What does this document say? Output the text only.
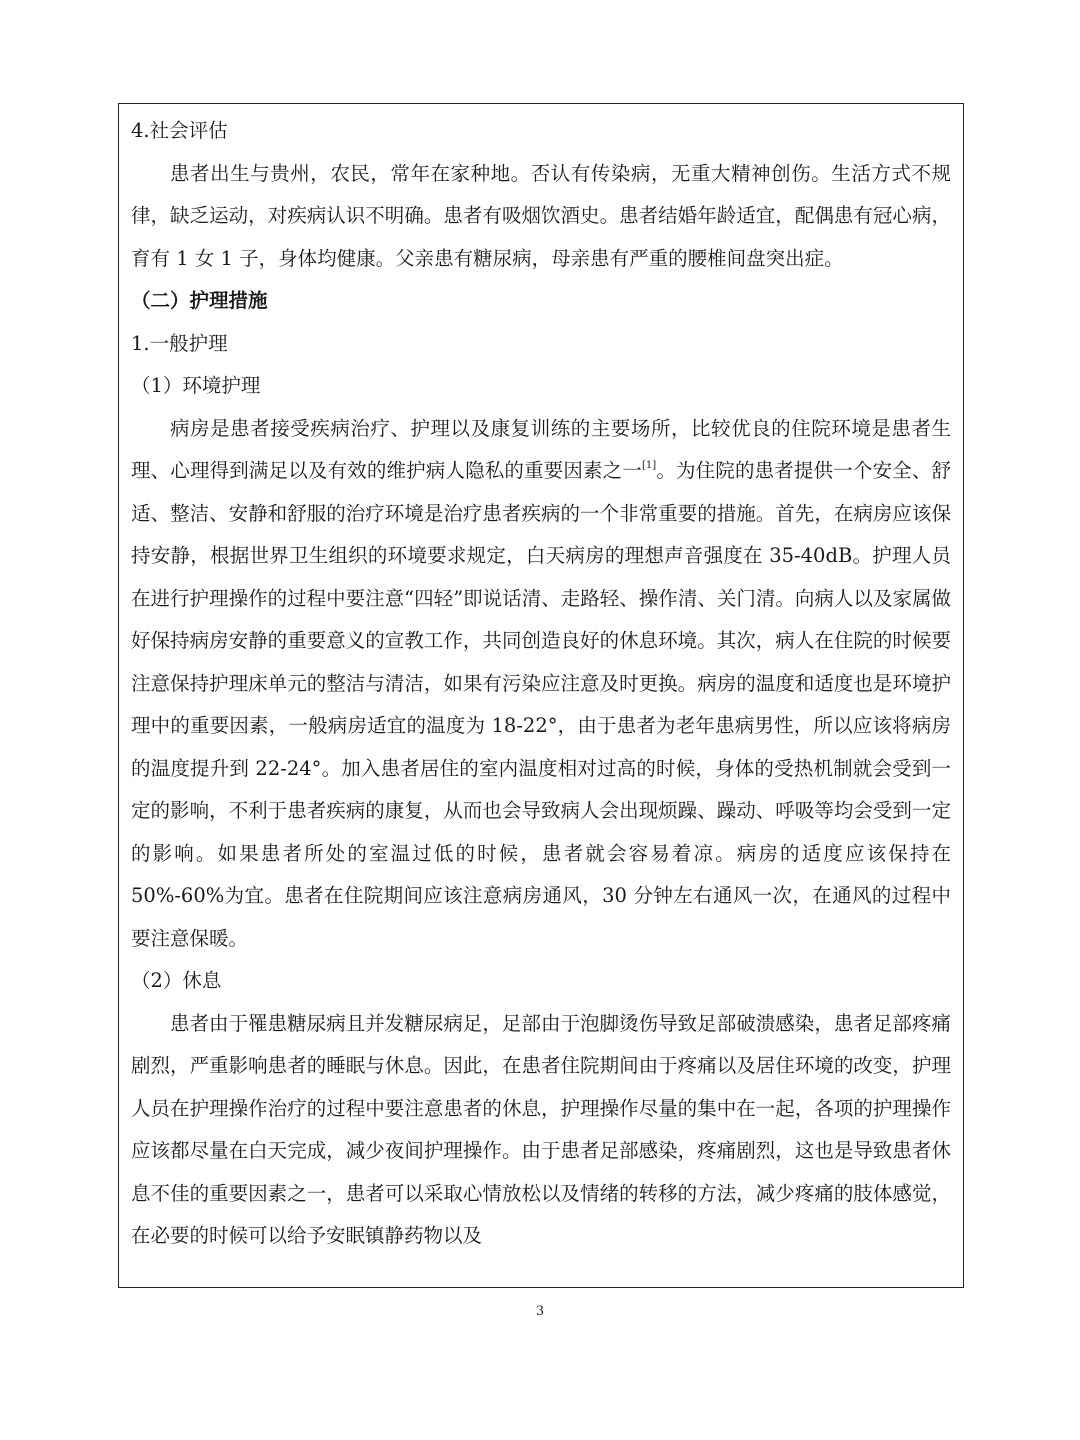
4.社会评估

患者出生与贵州，农民，常年在家种地。否认有传染病，无重大精神创伤。生活方式不规律，缺乏运动，对疾病认识不明确。患者有吸烟饮酒史。患者结婚年龄适宜，配偶患有冠心病，育有 1 女 1 子，身体均健康。父亲患有糖尿病，母亲患有严重的腰椎间盘突出症。

（二）护理措施
1.一般护理
（1）环境护理

病房是患者接受疾病治疗、护理以及康复训练的主要场所，比较优良的住院环境是患者生理、心理得到满足以及有效的维护病人隐私的重要因素之一[1]。为住院的患者提供一个安全、舒适、整洁、安静和舒服的治疗环境是治疗患者疾病的一个非常重要的措施。首先，在病房应该保持安静，根据世界卫生组织的环境要求规定，白天病房的理想声音强度在 35-40dB。护理人员在进行护理操作的过程中要注意“四轻”即说话清、走路轻、操作清、关门清。向病人以及家属做好保持病房安静的重要意义的宣教工作，共同创造良好的休息环境。其次，病人在住院的时候要注意保持护理床单元的整洁与清洁，如果有污染应注意及时更换。病房的温度和适度也是环境护理中的重要因素，一般病房适宜的温度为 18-22°，由于患者为老年患病男性，所以应该将病房的温度提升到 22-24°。加入患者居住的室内温度相对过高的时候，身体的受热机制就会受到一定的影响，不利于患者疾病的康复，从而也会导致病人会出现烦躁、躁动、呼吸等均会受到一定的影响。如果患者所处的室温过低的时候，患者就会容易着凉。病房的适度应该保持在 50%-60%为宜。患者在住院期间应该注意病房通风，30 分钟左右通风一次，在通风的过程中要注意保暖。

（2）休息

患者由于罹患糖尿病且并发糖尿病足，足部由于泡脚烫伤导致足部破溃感染，患者足部疼痛剧烈，严重影响患者的睡眠与休息。因此，在患者住院期间由于疼痛以及居住环境的改变，护理人员在护理操作治疗的过程中要注意患者的休息，护理操作尽量的集中在一起，各项的护理操作应该都尽量在白天完成，减少夜间护理操作。由于患者足部感染，疼痛剧烈，这也是导致患者休息不佳的重要因素之一，患者可以采取心情放松以及情绪的转移的方法，减少疼痛的肢体感觉，在必要的时候可以给予安眠镇静药物以及

3
